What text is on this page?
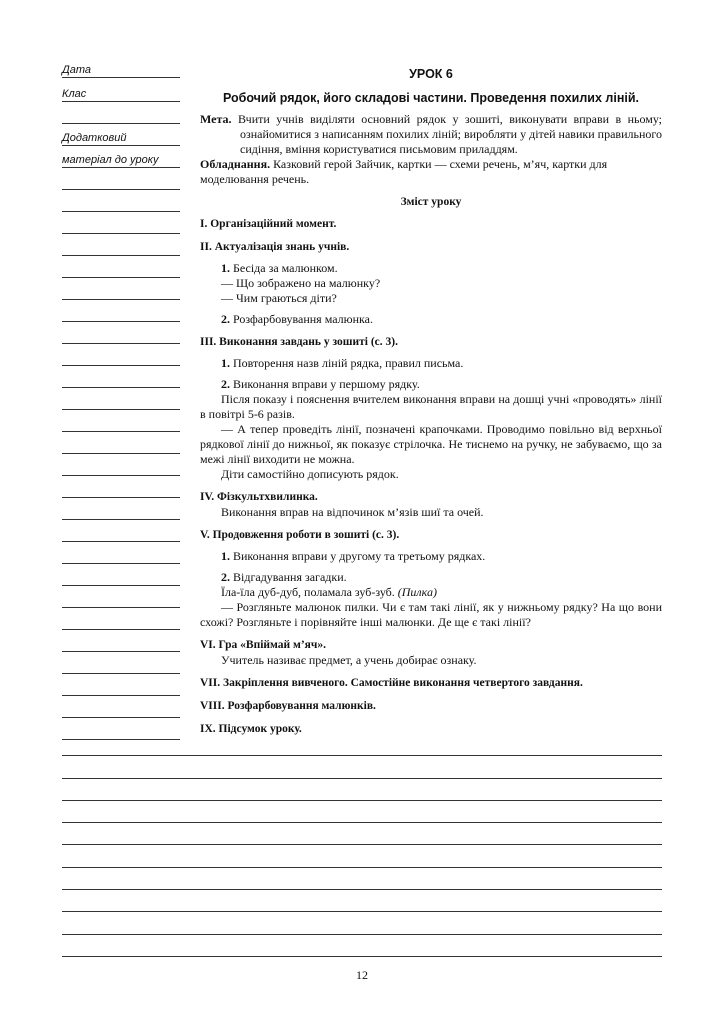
Дата
Клас
Додатковий
матеріал до уроку
УРОК 6
Робочий рядок, його складові частини. Проведення похилих ліній.
Мета. Вчити учнів виділяти основний рядок у зошиті, виконувати вправи в ньому; ознайомитися з написанням похилих ліній; виробляти у дітей навики правильного сидіння, вміння користуватися письмовим приладдям.
Обладнання. Казковий герой Зайчик, картки — схеми речень, м’яч, картки для моделювання речень.
Зміст уроку
I. Організаційний момент.
II. Актуалізація знань учнів.
1. Бесіда за малюнком.
— Що зображено на малюнку?
— Чим граються діти?
2. Розфарбовування малюнка.
III. Виконання завдань у зошиті (с. 3).
1. Повторення назв ліній рядка, правил письма.
2. Виконання вправи у першому рядку.
Після показу і пояснення вчителем виконання вправи на дошці учні «проводять» лінії в повітрі 5-6 разів.
— А тепер проведіть лінії, позначені крапочками. Проводимо повільно від верхньої рядкової лінії до нижньої, як показує стрілочка. Не тиснемо на ручку, не забуваємо, що за межі лінії виходити не можна.
Діти самостійно дописують рядок.
IV. Фізкультхвилинка.
Виконання вправ на відпочинок м’язів шиї та очей.
V. Продовження роботи в зошиті (с. 3).
1. Виконання вправи у другому та третьому рядках.
2. Відгадування загадки.
Їла-їла дуб-дуб, поламала зуб-зуб. (Пилка)
— Розгляньте малюнок пилки. Чи є там такі лінії, як у нижньому рядку? На що вони схожі? Розгляньте і порівняйте інші малюнки. Де ще є такі лінії?
VI. Гра «Впіймай м’яч».
Учитель називає предмет, а учень добирає ознаку.
VII. Закріплення вивченого. Самостійне виконання четвертого завдання.
VIII. Розфарбовування малюнків.
IX. Підсумок уроку.
12
